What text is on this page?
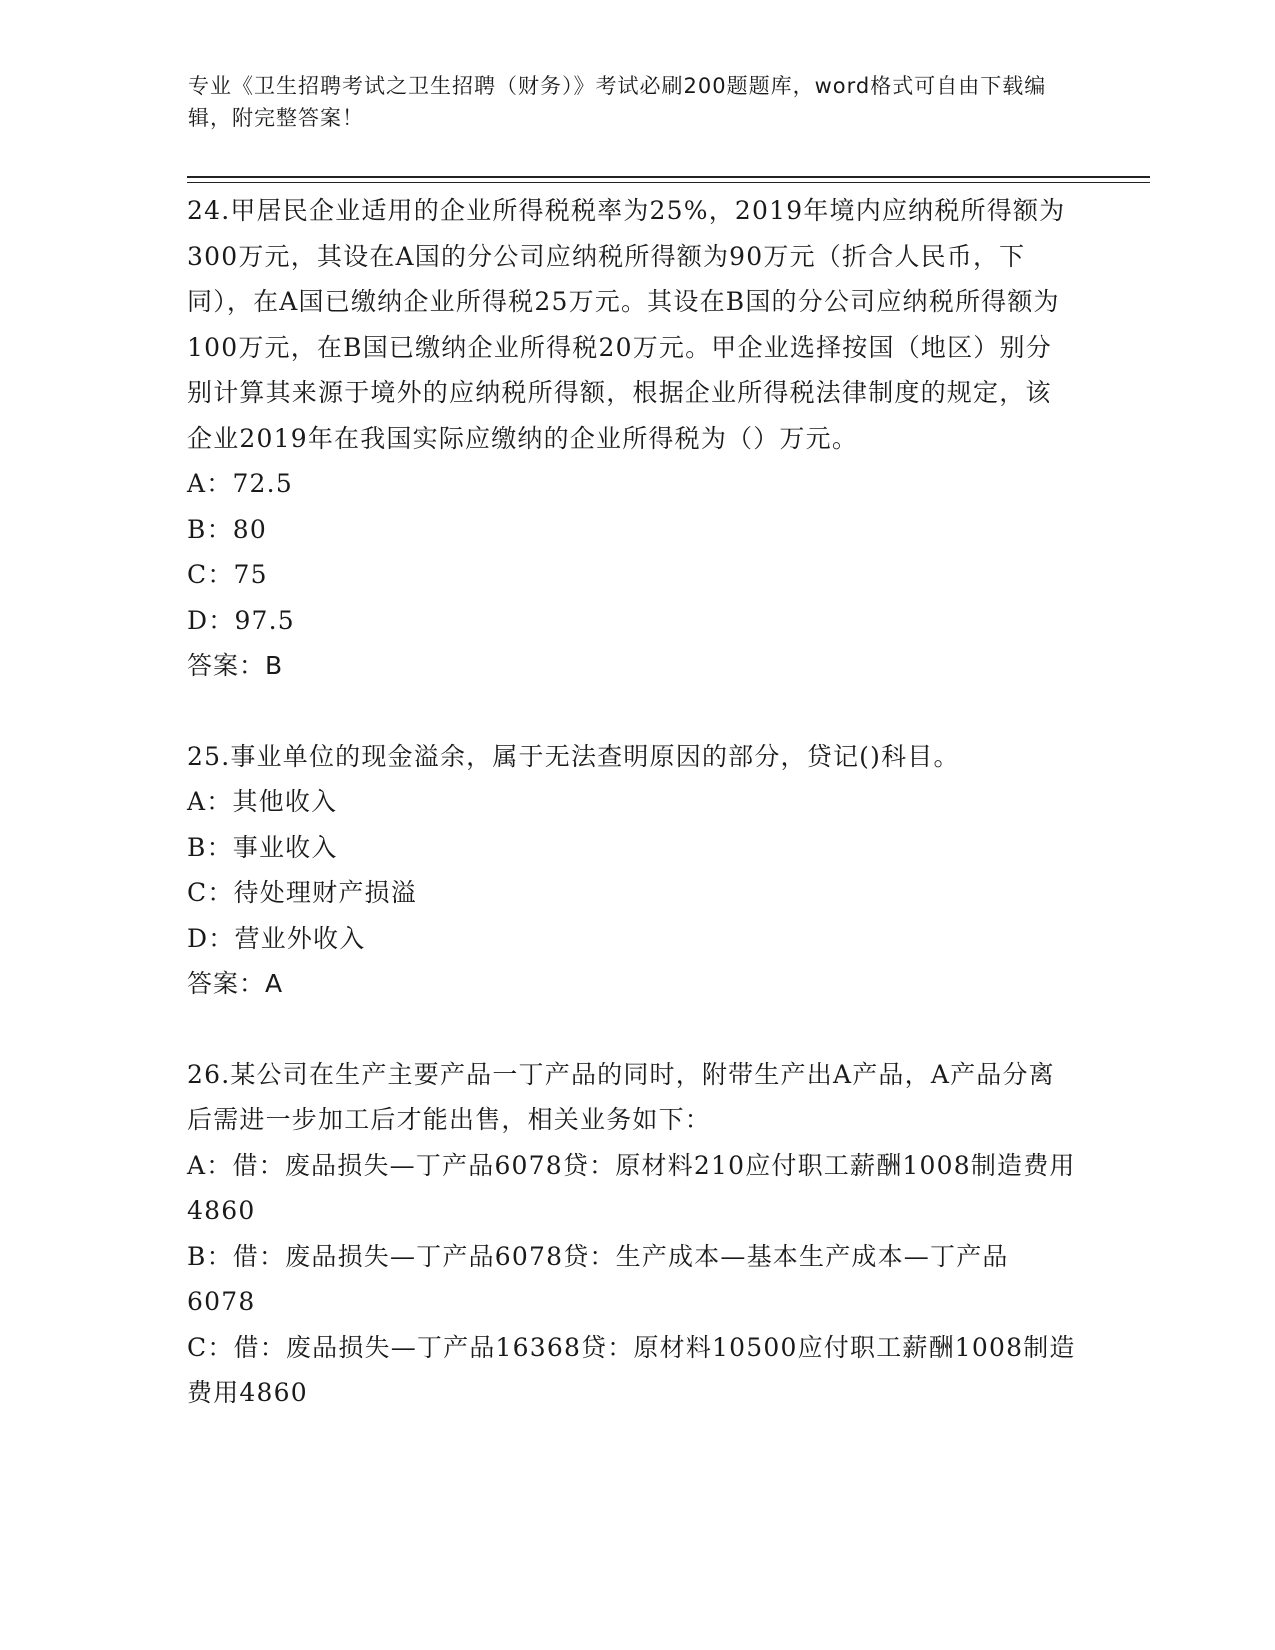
专业《卫生招聘考试之卫生招聘（财务）》考试必刷200题题库，word格式可自由下载编辑，附完整答案！

24.甲居民企业适用的企业所得税税率为25%，2019年境内应纳税所得额为300万元，其设在A国的分公司应纳税所得额为90万元（折合人民币，下同），在A国已缴纳企业所得税25万元。其设在B国的分公司应纳税所得额为100万元，在B国已缴纳企业所得税20万元。甲企业选择按国（地区）别分别计算其来源于境外的应纳税所得额，根据企业所得税法律制度的规定，该企业2019年在我国实际应缴纳的企业所得税为（）万元。

A：72.5

B：80

C：75

D：97.5

答案：B

25.事业单位的现金溢余，属于无法查明原因的部分，贷记()科目。

A：其他收入

B：事业收入

C：待处理财产损溢

D：营业外收入

答案：A

26.某公司在生产主要产品一丁产品的同时，附带生产出A产品，A产品分离后需进一步加工后才能出售，相关业务如下：

A：借：废品损失—丁产品6078贷：原材料210应付职工薪酬1008制造费用4860

B：借：废品损失—丁产品6078贷：生产成本—基本生产成本—丁产品6078

C：借：废品损失—丁产品16368贷：原材料10500应付职工薪酬1008制造费用4860
